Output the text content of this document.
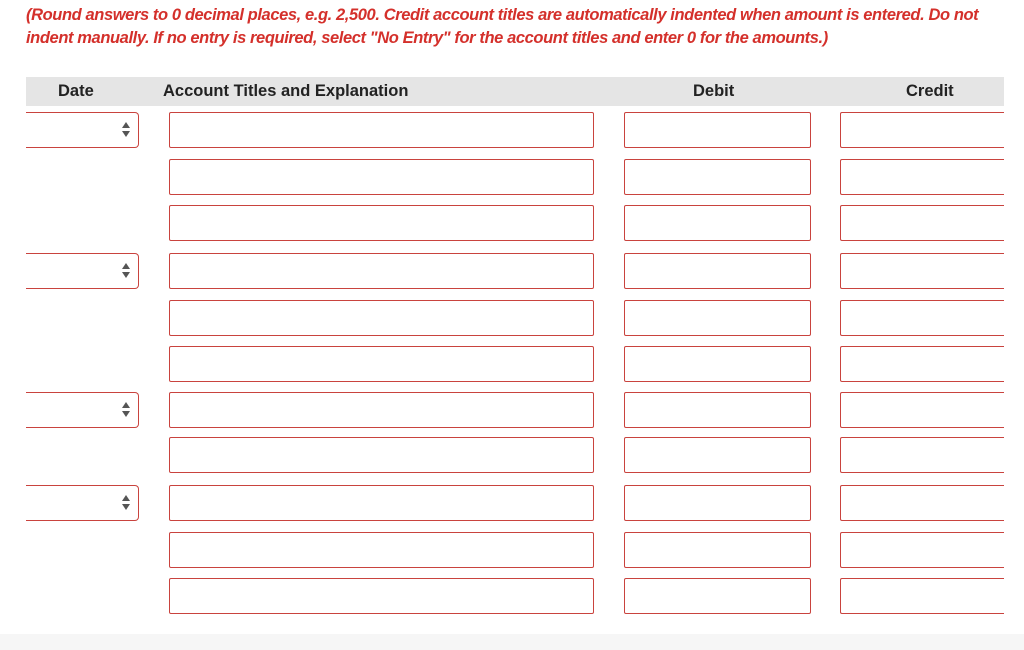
(Round answers to 0 decimal places, e.g. 2,500. Credit account titles are automatically indented when amount is entered. Do not indent manually. If no entry is required, select "No Entry" for the account titles and enter 0 for the amounts.)
Date	Account Titles and Explanation	Debit	Credit
